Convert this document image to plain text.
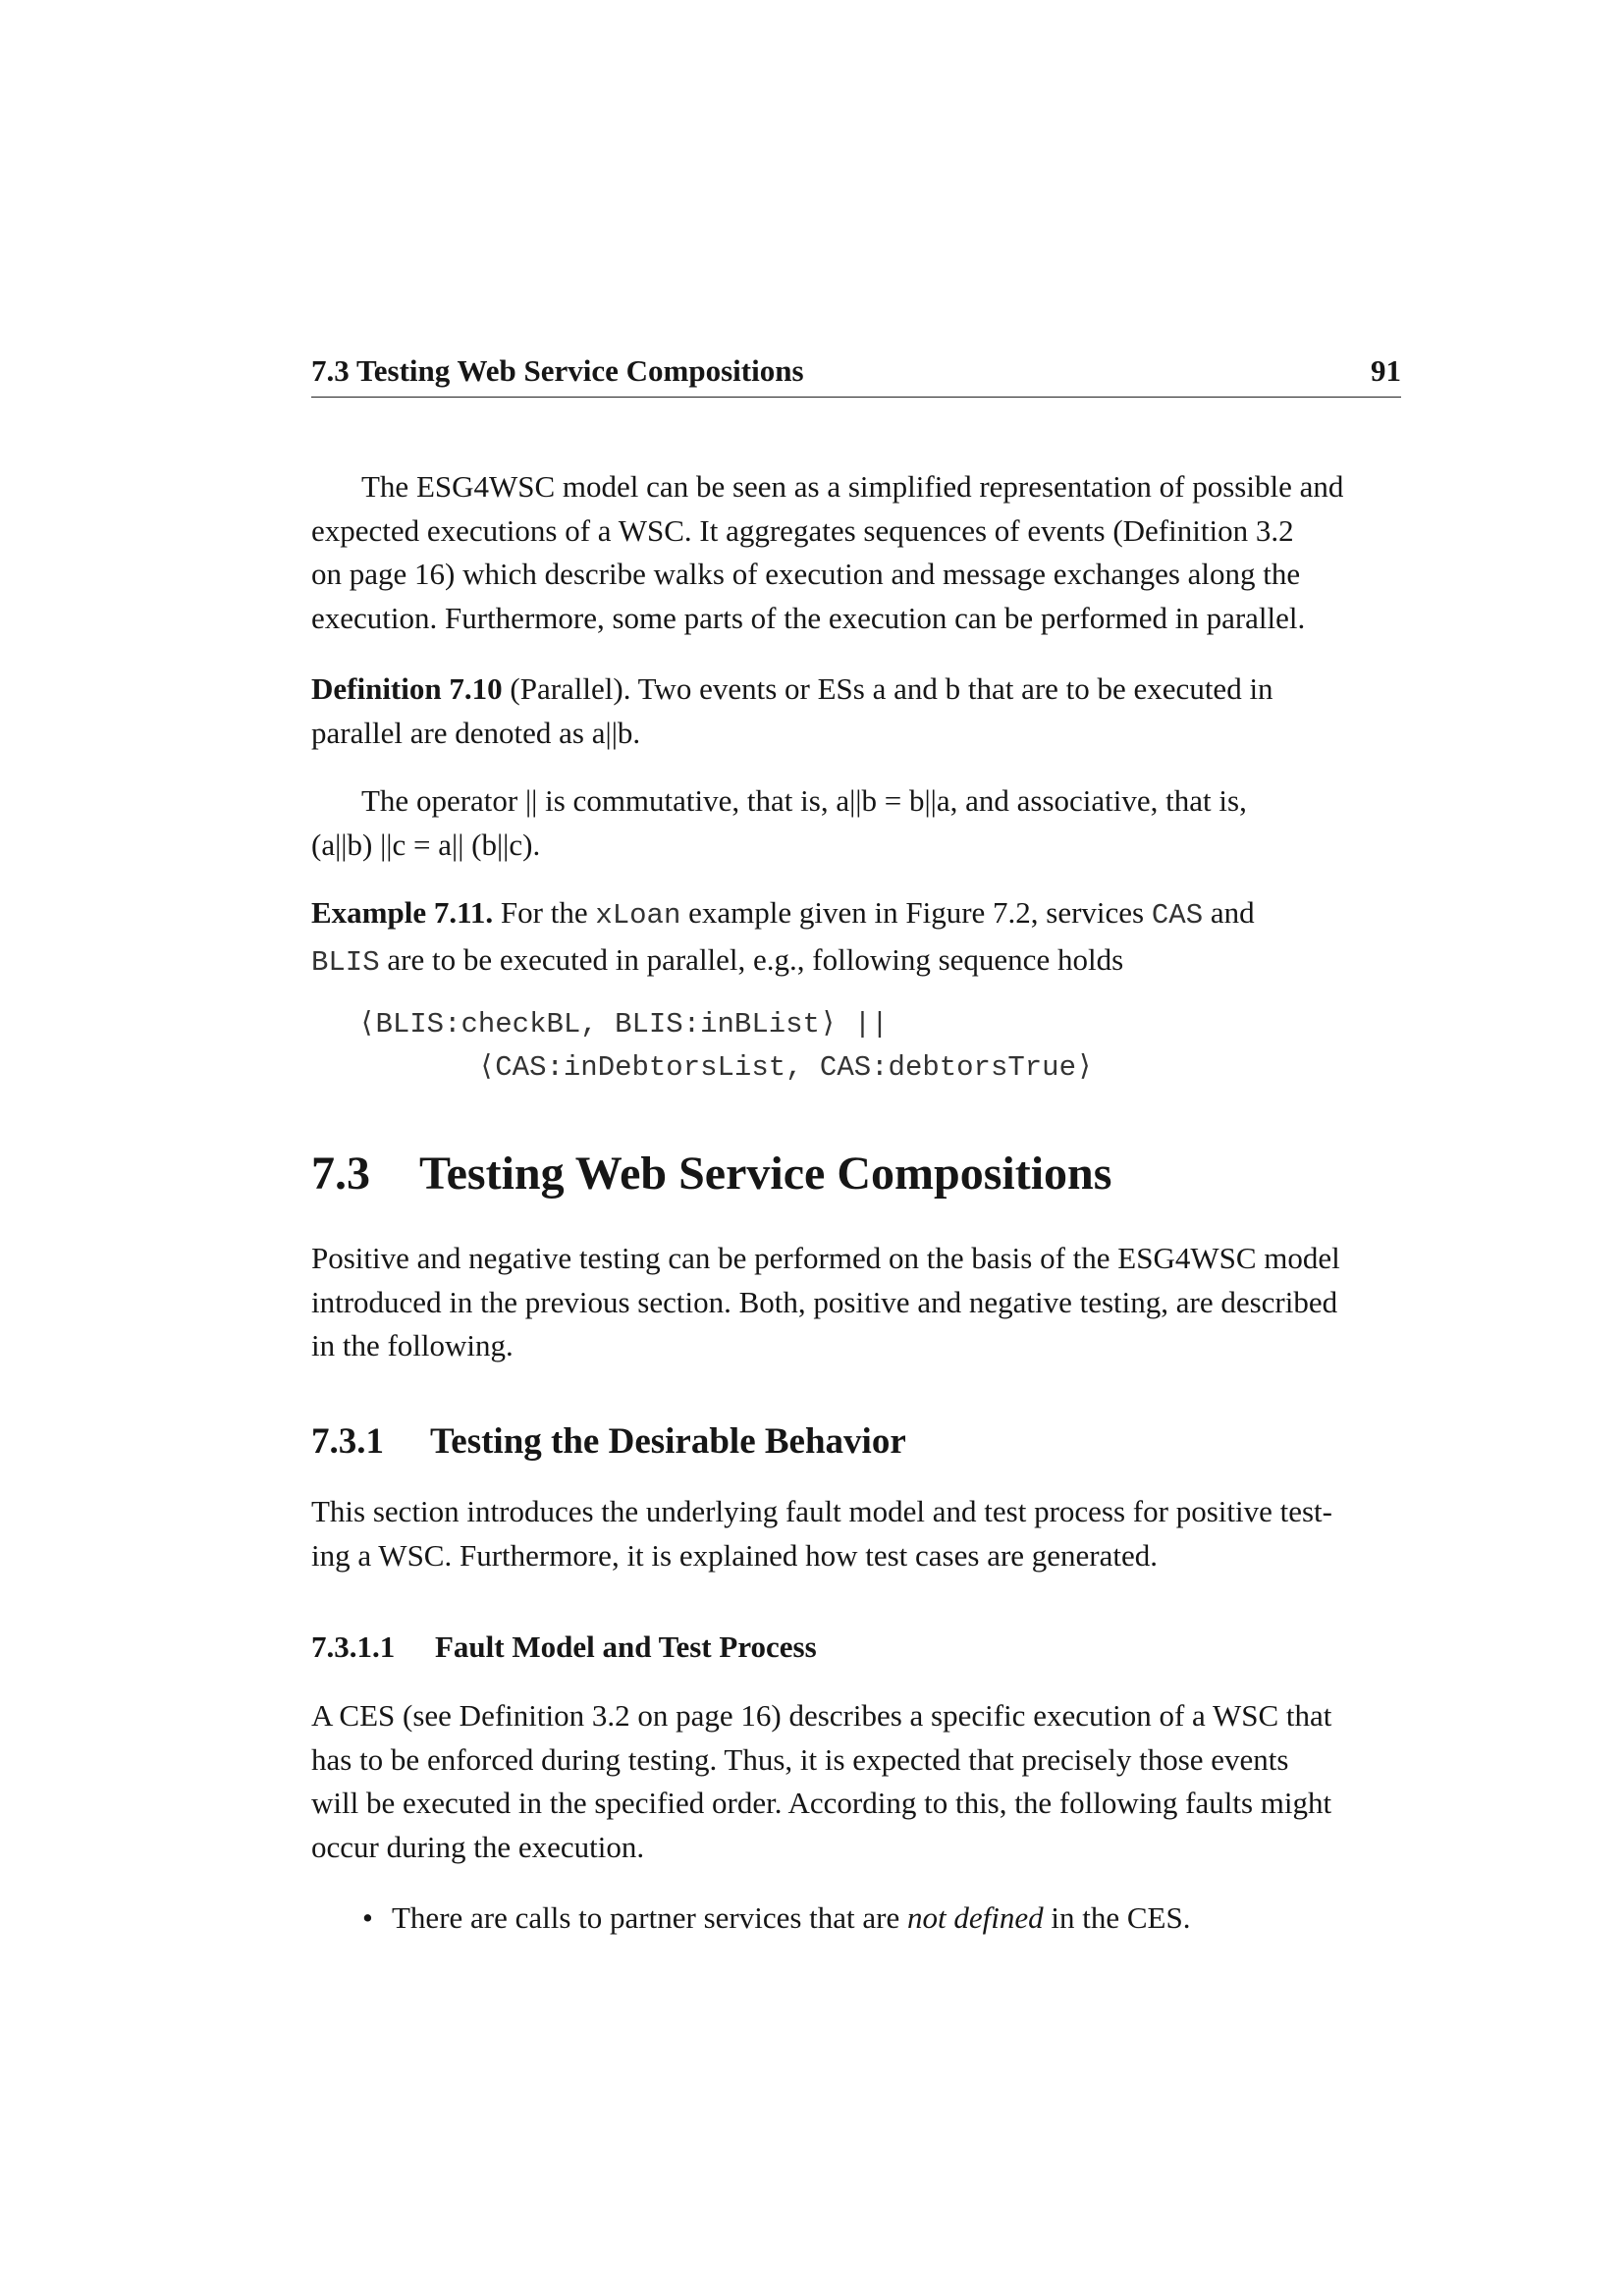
7.3 Testing Web Service Compositions	91

The ESG4WSC model can be seen as a simplified representation of possible and

expected executions of a WSC. It aggregates sequences of events (Definition 3.2

on page 16) which describe walks of execution and message exchanges along the

execution. Furthermore, some parts of the execution can be performed in parallel.

Definition 7.10 (Parallel). Two events or ESs a and b that are to be executed in

parallel are denoted as a||b.

The operator || is commutative, that is, a||b = b||a, and associative, that is,

(a||b) ||c = a|| (b||c).

Example 7.11. For the xLoan example given in Figure 7.2, services CAS and

BLIS are to be executed in parallel, e.g., following sequence holds

⟨BLIS:checkBL, BLIS:inBList⟩ ||
⟨CAS:inDebtorsList, CAS:debtorsTrue⟩
7.3 Testing Web Service Compositions

Positive and negative testing can be performed on the basis of the ESG4WSC model

introduced in the previous section. Both, positive and negative testing, are described

in the following.

7.3.1 Testing the Desirable Behavior

This section introduces the underlying fault model and test process for positive test-

ing a WSC. Furthermore, it is explained how test cases are generated.

7.3.1.1 Fault Model and Test Process

A CES (see Definition 3.2 on page 16) describes a specific execution of a WSC that

has to be enforced during testing. Thus, it is expected that precisely those events

will be executed in the specified order. According to this, the following faults might

occur during the execution.

• There are calls to partner services that are not defined in the CES.
